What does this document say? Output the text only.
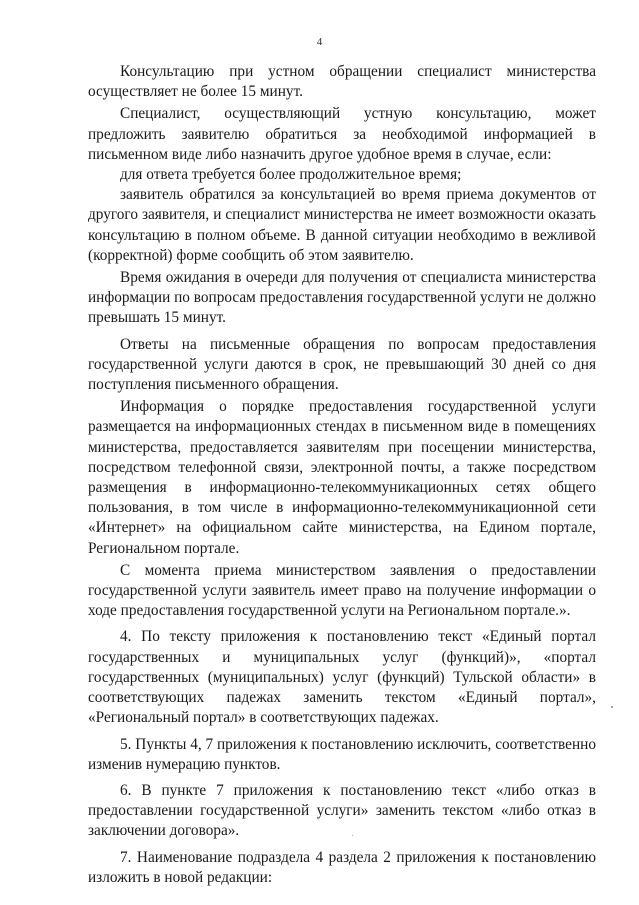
4

Консультацию при устном обращении специалист министерства осуществляет не более 15 минут.

Специалист, осуществляющий устную консультацию, может предложить заявителю обратиться за необходимой информацией в письменном виде либо назначить другое удобное время в случае, если:

для ответа требуется более продолжительное время;

заявитель обратился за консультацией во время приема документов от другого заявителя, и специалист министерства не имеет возможности оказать консультацию в полном объеме. В данной ситуации необходимо в вежливой (корректной) форме сообщить об этом заявителю.

Время ожидания в очереди для получения от специалиста министерства информации по вопросам предоставления государственной услуги не должно превышать 15 минут.

Ответы на письменные обращения по вопросам предоставления государственной услуги даются в срок, не превышающий 30 дней со дня поступления письменного обращения.

Информация о порядке предоставления государственной услуги размещается на информационных стендах в письменном виде в помещениях министерства, предоставляется заявителям при посещении министерства, посредством телефонной связи, электронной почты, а также посредством размещения в информационно-телекоммуникационных сетях общего пользования, в том числе в информационно-телекоммуникационной сети «Интернет» на официальном сайте министерства, на Едином портале, Региональном портале.

С момента приема министерством заявления о предоставлении государственной услуги заявитель имеет право на получение информации о ходе предоставления государственной услуги на Региональном портале.».

4. По тексту приложения к постановлению текст «Единый портал государственных и муниципальных услуг (функций)», «портал государственных (муниципальных) услуг (функций) Тульской области» в соответствующих падежах заменить текстом «Единый портал», «Региональный портал» в соответствующих падежах.

5. Пункты 4, 7 приложения к постановлению исключить, соответственно изменив нумерацию пунктов.

6. В пункте 7 приложения к постановлению текст «либо отказ в предоставлении государственной услуги» заменить текстом «либо отказ в заключении договора».

7. Наименование подраздела 4 раздела 2 приложения к постановлению изложить в новой редакции:
